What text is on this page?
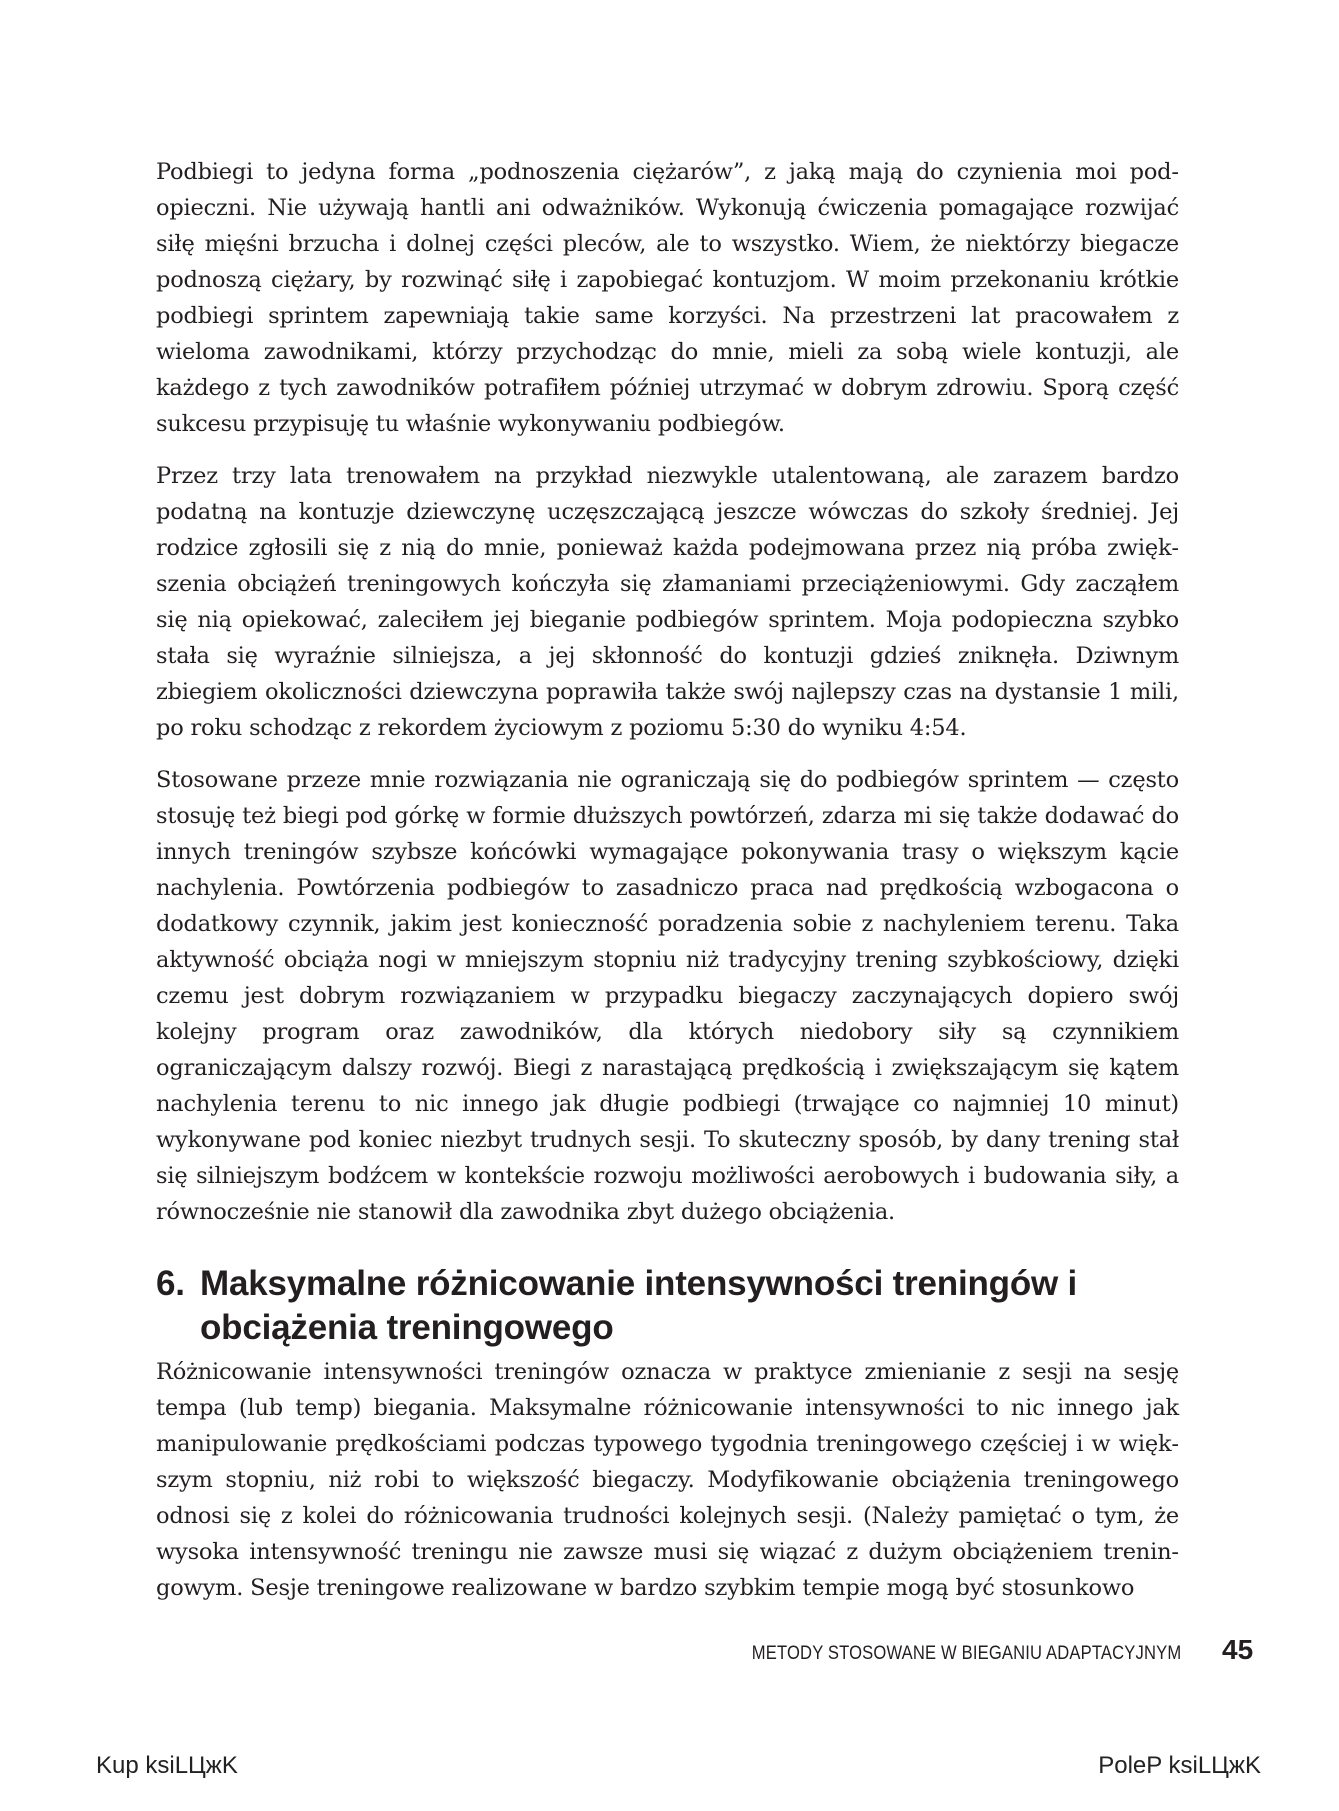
Podbiegi to jedyna forma „podnoszenia ciężarów”, z jaką mają do czynienia moi podopieczni. Nie używają hantli ani odważników. Wykonują ćwiczenia pomagające rozwijać siłę mięśni brzucha i dolnej części pleców, ale to wszystko. Wiem, że niektórzy biegacze podnoszą ciężary, by rozwinąć siłę i zapobiegać kontuzjom. W moim przekonaniu krótkie podbiegi sprintem zapewniają takie same korzyści. Na przestrzeni lat pracowałem z wieloma zawodnikami, którzy przychodząc do mnie, mieli za sobą wiele kontuzji, ale każdego z tych zawodników potrafiłem później utrzymać w dobrym zdrowiu. Sporą część sukcesu przypisuję tu właśnie wykonywaniu podbiegów.

Przez trzy lata trenowałem na przykład niezwykle utalentowaną, ale zarazem bardzo podatną na kontuzje dziewczynę uczęszczającą jeszcze wówczas do szkoły średniej. Jej rodzice zgłosili się z nią do mnie, ponieważ każda podejmowana przez nią próba zwiększenia obciążeń treningowych kończyła się złamaniami przeciążeniowymi. Gdy zacząłem się nią opiekować, zaleciłem jej bieganie podbiegów sprintem. Moja podopieczna szybko stała się wyraźnie silniejsza, a jej skłonność do kontuzji gdzieś zniknęła. Dziwnym zbiegiem okoliczności dziewczyna poprawiła także swój najlepszy czas na dystansie 1 mili, po roku schodząc z rekordem życiowym z poziomu 5:30 do wyniku 4:54.

Stosowane przeze mnie rozwiązania nie ograniczają się do podbiegów sprintem — często stosuję też biegi pod górkę w formie dłuższych powtórzeń, zdarza mi się także dodawać do innych treningów szybsze końcówki wymagające pokonywania trasy o większym kącie nachylenia. Powtórzenia podbiegów to zasadniczo praca nad prędkością wzbogacona o dodatkowy czynnik, jakim jest konieczność poradzenia sobie z nachyleniem terenu. Taka aktywność obciąża nogi w mniejszym stopniu niż tradycyjny trening szybkościowy, dzięki czemu jest dobrym rozwiązaniem w przypadku biegaczy zaczynających dopiero swój kolejny program oraz zawodników, dla których niedobory siły są czynnikiem ograniczającym dalszy rozwój. Biegi z narastającą prędkością i zwiększającym się kątem nachylenia terenu to nic innego jak długie podbiegi (trwające co najmniej 10 minut) wykonywane pod koniec niezbyt trudnych sesji. To skuteczny sposób, by dany trening stał się silniejszym bodźcem w kontekście rozwoju możliwości aerobowych i budowania siły, a równocześnie nie stanowił dla zawodnika zbyt dużego obciążenia.

6. Maksymalne różnicowanie intensywności treningów i obciążenia treningowego

Różnicowanie intensywności treningów oznacza w praktyce zmienianie z sesji na sesję tempa (lub temp) biegania. Maksymalne różnicowanie intensywności to nic innego jak manipulowanie prędkościami podczas typowego tygodnia treningowego częściej i w większym stopniu, niż robi to większość biegaczy. Modyfikowanie obciążenia treningowego odnosi się z kolei do różnicowania trudności kolejnych sesji. (Należy pamiętać o tym, że wysoka intensywność treningu nie zawsze musi się wiązać z dużym obciążeniem treningowym. Sesje treningowe realizowane w bardzo szybkim tempie mogą być stosunkowo

METODY STOSOWANE W BIEGANIU ADAPTACYJNYM 45
Kup ksiLЦжK	PoleP ksiLЦжK
